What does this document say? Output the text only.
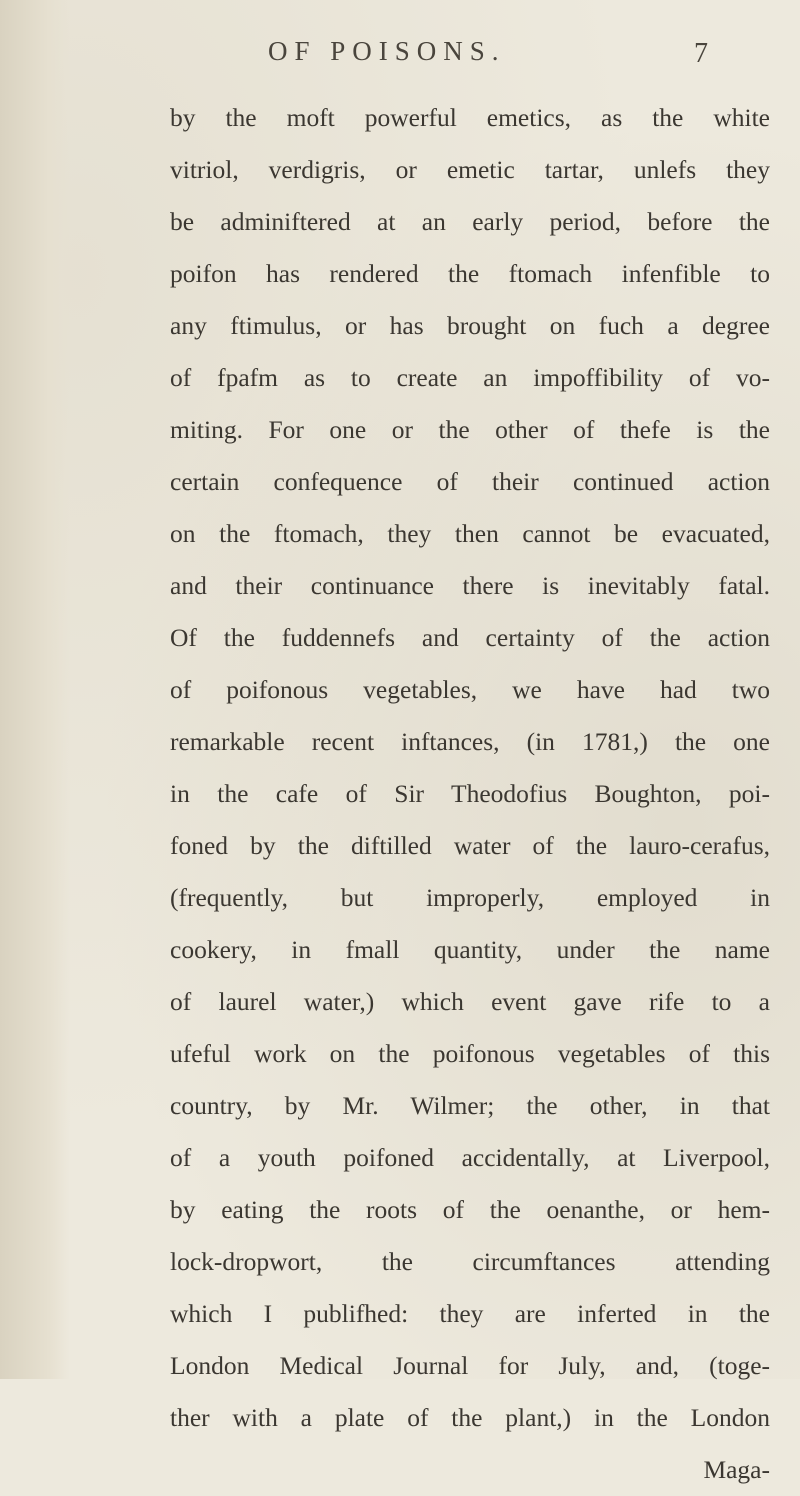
OF POISONS.	7
by the moft powerful emetics, as the white
vitriol, verdigris, or emetic tartar, unlefs they
be adminiftered at an early period, before the
poifon has rendered the ftomach infenfible to
any ftimulus, or has brought on fuch a degree
of fpafm as to create an impoffibility of vo-
miting. For one or the other of thefe is the
certain confequence of their continued action
on the ftomach, they then cannot be evacuated,
and their continuance there is inevitably fatal.
Of the fuddennefs and certainty of the action
of poifonous vegetables, we have had two
remarkable recent inftances, (in 1781,) the one
in the cafe of Sir Theodofius Boughton, poi-
foned by the diftilled water of the lauro-cerafus,
(frequently, but improperly, employed in
cookery, in fmall quantity, under the name
of laurel water,) which event gave rife to a
ufeful work on the poifonous vegetables of this
country, by Mr. Wilmer; the other, in that
of a youth poifoned accidentally, at Liverpool,
by eating the roots of the oenanthe, or hem-
lock-dropwort, the circumftances attending
which I publifhed: they are inferted in the
London Medical Journal for July, and, (toge-
ther with a plate of the plant,) in the London
Maga-
